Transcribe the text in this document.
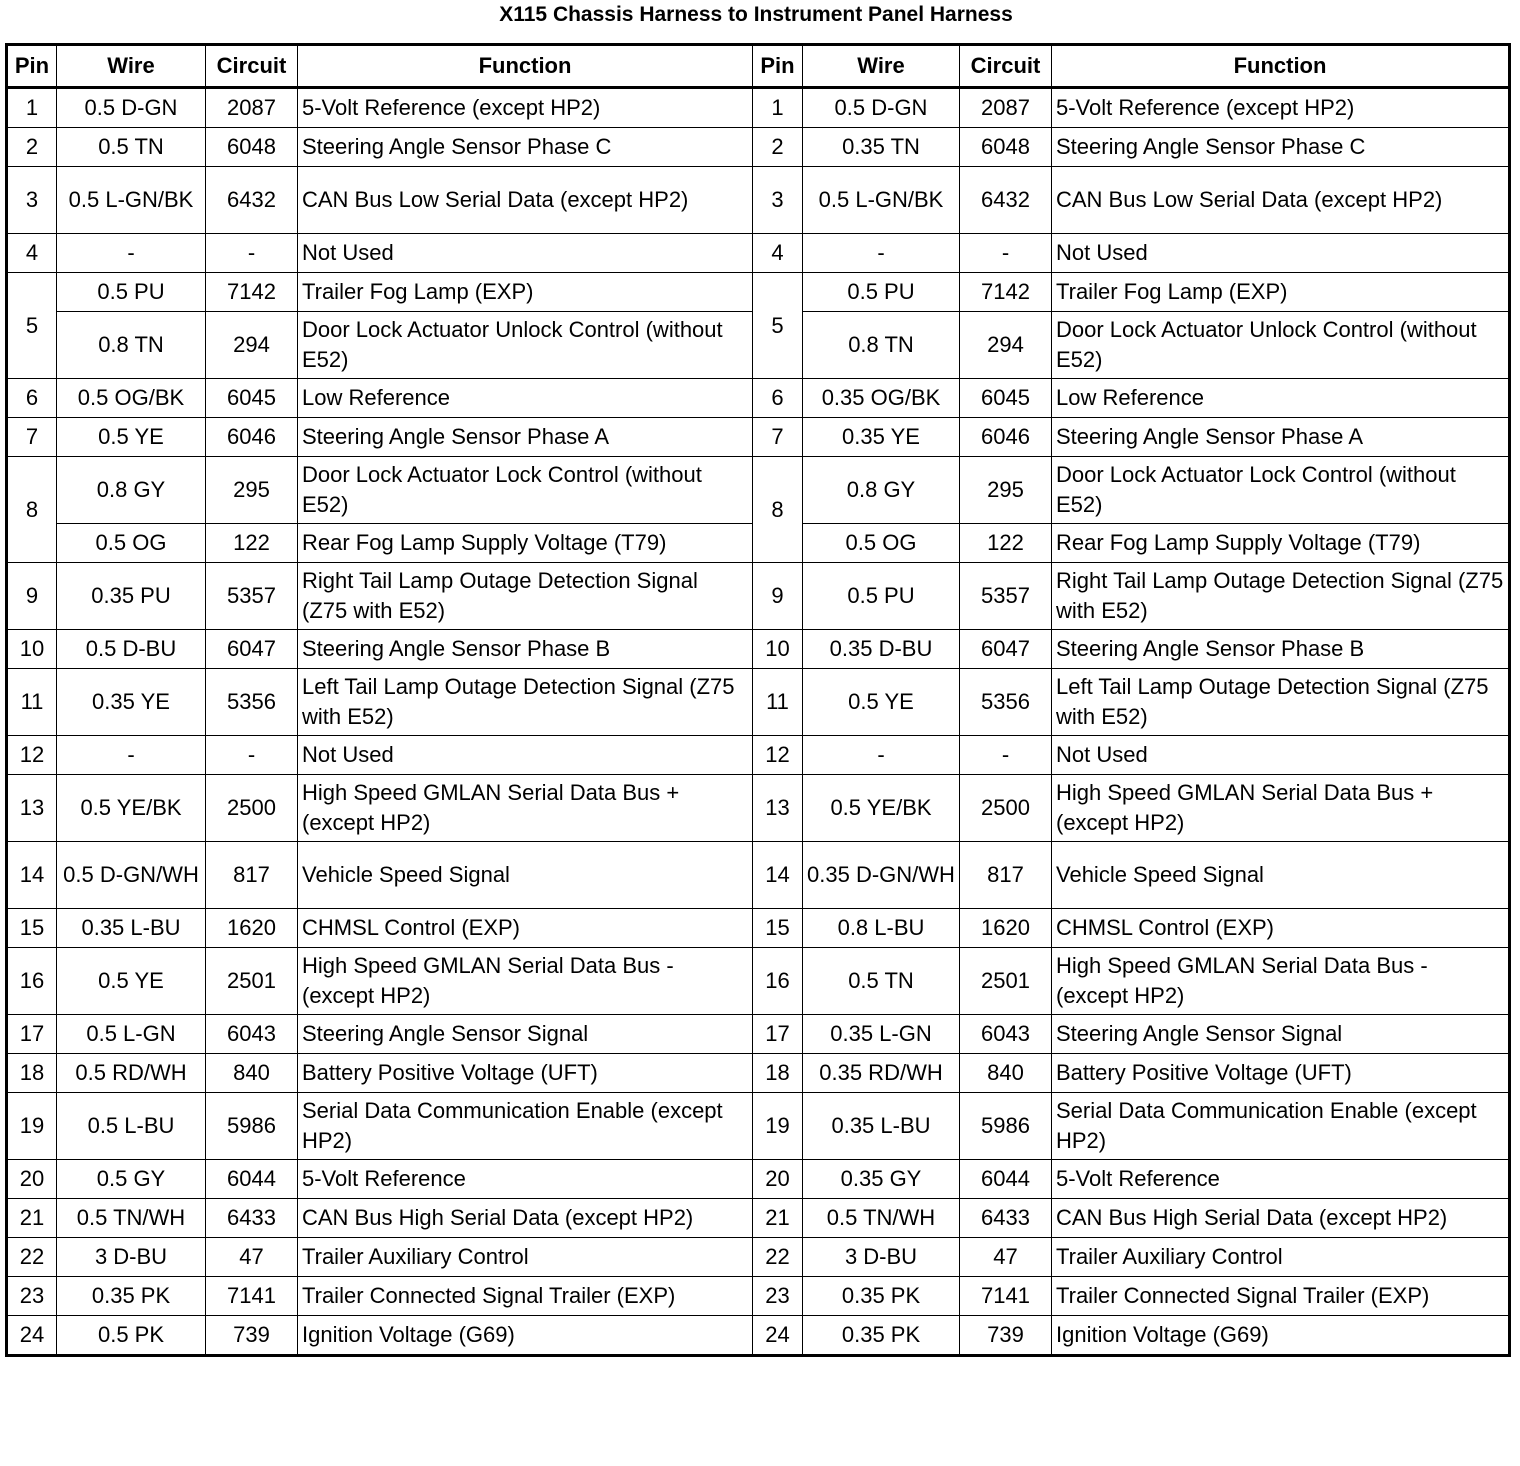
X115 Chassis Harness to Instrument Panel Harness
Pin	Wire	Circuit	Function	Pin	Wire	Circuit	Function
1	0.5 D-GN	2087	5-Volt Reference (except HP2)	1	0.5 D-GN	2087	5-Volt Reference (except HP2)
2	0.5 TN	6048	Steering Angle Sensor Phase C	2	0.35 TN	6048	Steering Angle Sensor Phase C
3	0.5 L-GN/BK	6432	CAN Bus Low Serial Data (except HP2)	3	0.5 L-GN/BK	6432	CAN Bus Low Serial Data (except HP2)
4	-	-	Not Used	4	-	-	Not Used
5	0.5 PU	7142	Trailer Fog Lamp (EXP)	5	0.5 PU	7142	Trailer Fog Lamp (EXP)
	0.8 TN	294	Door Lock Actuator Unlock Control (without E52)		0.8 TN	294	Door Lock Actuator Unlock Control (without E52)
6	0.5 OG/BK	6045	Low Reference	6	0.35 OG/BK	6045	Low Reference
7	0.5 YE	6046	Steering Angle Sensor Phase A	7	0.35 YE	6046	Steering Angle Sensor Phase A
8	0.8 GY	295	Door Lock Actuator Lock Control (without E52)	8	0.8 GY	295	Door Lock Actuator Lock Control (without E52)
	0.5 OG	122	Rear Fog Lamp Supply Voltage (T79)		0.5 OG	122	Rear Fog Lamp Supply Voltage (T79)
9	0.35 PU	5357	Right Tail Lamp Outage Detection Signal (Z75 with E52)	9	0.5 PU	5357	Right Tail Lamp Outage Detection Signal (Z75 with E52)
10	0.5 D-BU	6047	Steering Angle Sensor Phase B	10	0.35 D-BU	6047	Steering Angle Sensor Phase B
11	0.35 YE	5356	Left Tail Lamp Outage Detection Signal (Z75 with E52)	11	0.5 YE	5356	Left Tail Lamp Outage Detection Signal (Z75 with E52)
12	-	-	Not Used	12	-	-	Not Used
13	0.5 YE/BK	2500	High Speed GMLAN Serial Data Bus + (except HP2)	13	0.5 YE/BK	2500	High Speed GMLAN Serial Data Bus + (except HP2)
14	0.5 D-GN/WH	817	Vehicle Speed Signal	14	0.35 D-GN/WH	817	Vehicle Speed Signal
15	0.35 L-BU	1620	CHMSL Control (EXP)	15	0.8 L-BU	1620	CHMSL Control (EXP)
16	0.5 YE	2501	High Speed GMLAN Serial Data Bus - (except HP2)	16	0.5 TN	2501	High Speed GMLAN Serial Data Bus - (except HP2)
17	0.5 L-GN	6043	Steering Angle Sensor Signal	17	0.35 L-GN	6043	Steering Angle Sensor Signal
18	0.5 RD/WH	840	Battery Positive Voltage (UFT)	18	0.35 RD/WH	840	Battery Positive Voltage (UFT)
19	0.5 L-BU	5986	Serial Data Communication Enable (except HP2)	19	0.35 L-BU	5986	Serial Data Communication Enable (except HP2)
20	0.5 GY	6044	5-Volt Reference	20	0.35 GY	6044	5-Volt Reference
21	0.5 TN/WH	6433	CAN Bus High Serial Data (except HP2)	21	0.5 TN/WH	6433	CAN Bus High Serial Data (except HP2)
22	3 D-BU	47	Trailer Auxiliary Control	22	3 D-BU	47	Trailer Auxiliary Control
23	0.35 PK	7141	Trailer Connected Signal Trailer (EXP)	23	0.35 PK	7141	Trailer Connected Signal Trailer (EXP)
24	0.5 PK	739	Ignition Voltage (G69)	24	0.35 PK	739	Ignition Voltage (G69)
